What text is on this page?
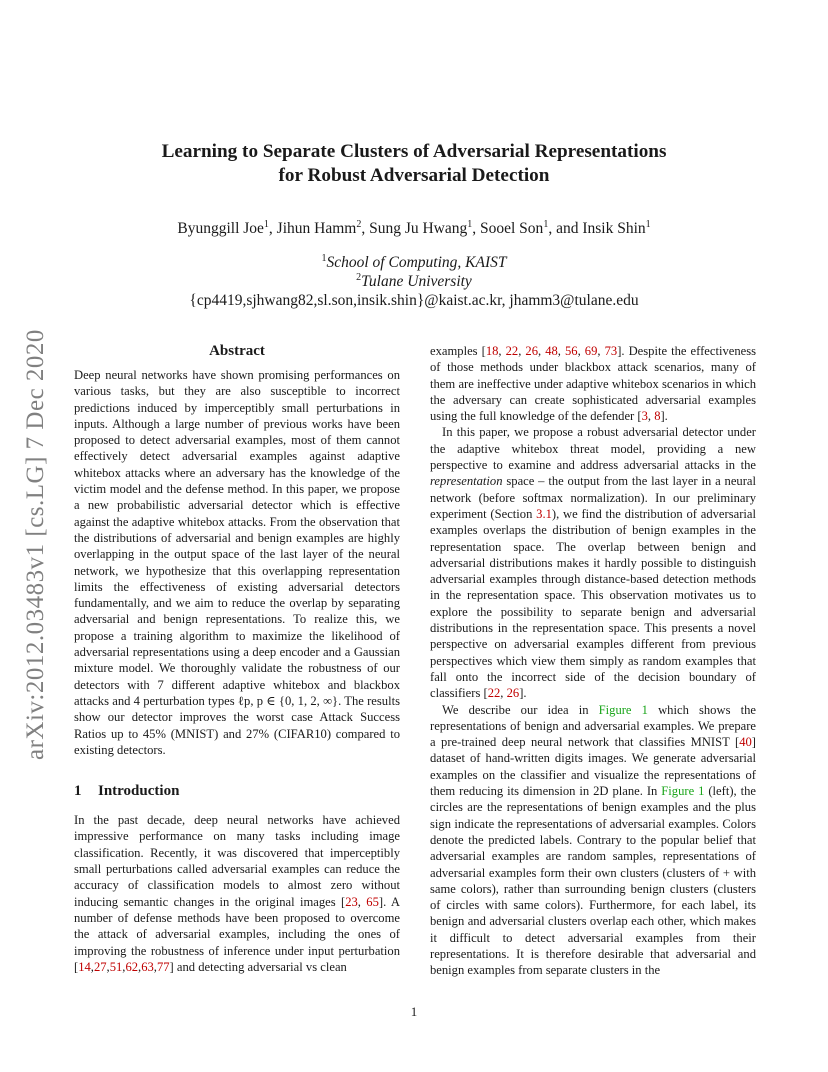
arXiv:2012.03483v1 [cs.LG] 7 Dec 2020
Learning to Separate Clusters of Adversarial Representations
for Robust Adversarial Detection
Byunggill Joe$^1$, Jihun Hamm$^2$, Sung Ju Hwang$^1$, Sooel Son$^1$, and Insik Shin$^1$
$^1$School of Computing, KAIST
$^2$Tulane University
{cp4419,sjhwang82,sl.son,insik.shin}@kaist.ac.kr, jhamm3@tulane.edu
Abstract

Deep neural networks have shown promising performances on various tasks, but they are also susceptible to incorrect predictions induced by imperceptibly small perturbations in inputs. Although a large number of previous works have been proposed to detect adversarial examples, most of them cannot effectively detect adversarial examples against adaptive whitebox attacks where an adversary has the knowledge of the victim model and the defense method. In this paper, we propose a new probabilistic adversarial detector which is effective against the adaptive whitebox attacks. From the observation that the distributions of adversarial and benign examples are highly overlapping in the output space of the last layer of the neural network, we hypothesize that this overlapping representation limits the effectiveness of existing adversarial detectors fundamentally, and we aim to reduce the overlap by separating adversarial and benign representations. To realize this, we propose a training algorithm to maximize the likelihood of adversarial representations using a deep encoder and a Gaussian mixture model. We thoroughly validate the robustness of our detectors with 7 different adaptive whitebox and blackbox attacks and 4 perturbation types ℓp, p ∈ {0, 1, 2, ∞}. The results show our detector improves the worst case Attack Success Ratios up to 45% (MNIST) and 27% (CIFAR10) compared to existing detectors.

1 Introduction

In the past decade, deep neural networks have achieved impressive performance on many tasks including image classification. Recently, it was discovered that imperceptibly small perturbations called adversarial examples can reduce the accuracy of classification models to almost zero without inducing semantic changes in the original images [23, 65]. A number of defense methods have been proposed to overcome the attack of adversarial examples, including the ones of improving the robustness of inference under input perturbation [14,27,51,62,63,77] and detecting adversarial vs clean

examples [18, 22, 26, 48, 56, 69, 73]. Despite the effectiveness of those methods under blackbox attack scenarios, many of them are ineffective under adaptive whitebox scenarios in which the adversary can create sophisticated adversarial examples using the full knowledge of the defender [3, 8].

In this paper, we propose a robust adversarial detector under the adaptive whitebox threat model, providing a new perspective to examine and address adversarial attacks in the representation space – the output from the last layer in a neural network (before softmax normalization). In our preliminary experiment (Section 3.1), we find the distribution of adversarial examples overlaps the distribution of benign examples in the representation space. The overlap between benign and adversarial distributions makes it hardly possible to distinguish adversarial examples through distance-based detection methods in the representation space. This observation motivates us to explore the possibility to separate benign and adversarial distributions in the representation space. This presents a novel perspective on adversarial examples different from previous perspectives which view them simply as random examples that fall onto the incorrect side of the decision boundary of classifiers [22, 26].

We describe our idea in Figure 1 which shows the representations of benign and adversarial examples. We prepare a pre-trained deep neural network that classifies MNIST [40] dataset of hand-written digits images. We generate adversarial examples on the classifier and visualize the representations of them reducing its dimension in 2D plane. In Figure 1 (left), the circles are the representations of benign examples and the plus sign indicate the representations of adversarial examples. Colors denote the predicted labels. Contrary to the popular belief that adversarial examples are random samples, representations of adversarial examples form their own clusters (clusters of + with same colors), rather than surrounding benign clusters (clusters of circles with same colors). Furthermore, for each label, its benign and adversarial clusters overlap each other, which makes it difficult to detect adversarial examples from their representations. It is therefore desirable that adversarial and benign examples from separate clusters in the

1
